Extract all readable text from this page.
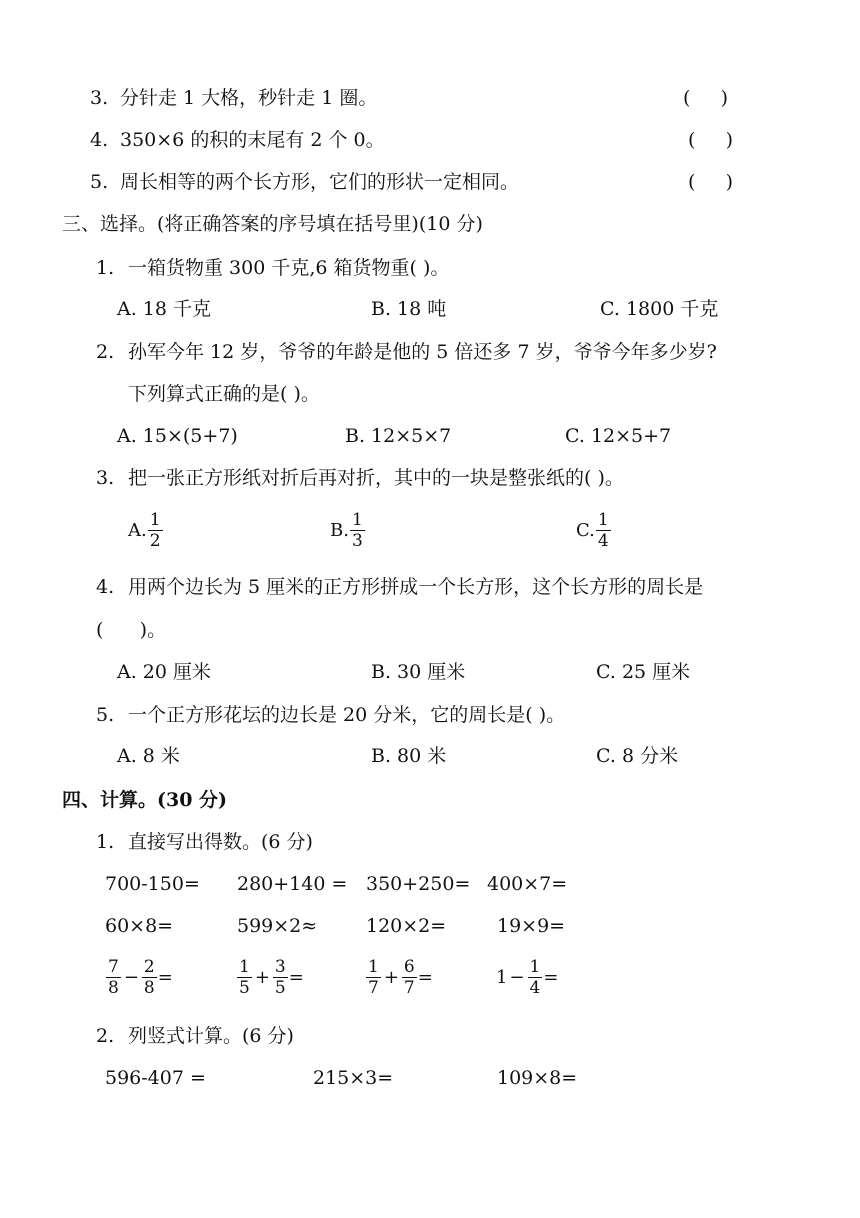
3. 分针走 1 大格，秒针走 1 圈。	(     )
4. 350×6 的积的末尾有 2 个 0。	(     )
5. 周长相等的两个长方形，它们的形状一定相同。	(     )
三、选择。(将正确答案的序号填在括号里)(10 分)
1. 一箱货物重 300 千克,6 箱货物重( )。
A. 18 千克	B. 18 吨	C. 1800 千克
2. 孙军今年 12 岁，爷爷的年龄是他的 5 倍还多 7 岁，爷爷今年多少岁?
下列算式正确的是( )。
A. 15×(5+7)	B. 12×5×7	C. 12×5+7
3. 把一张正方形纸对折后再对折，其中的一块是整张纸的( )。
A. $\frac{1}{2}$	B. $\frac{1}{3}$	C. $\frac{1}{4}$
4. 用两个边长为 5 厘米的正方形拼成一个长方形，这个长方形的周长是
(      )。
A. 20 厘米	B. 30 厘米	C. 25 厘米
5. 一个正方形花坛的边长是 20 分米，它的周长是( )。
A. 8 米	B. 80 米	C. 8 分米
四、计算。(30 分)
1. 直接写出得数。(6 分)
700-150= 280+140 = 350+250= 400×7=
60×8=	599×2≈	120×2=	19×9=
$\frac{7}{8} - \frac{2}{8}$ =	$\frac{1}{5} + \frac{3}{5}$ =	$\frac{1}{7} + \frac{6}{7}$ =	$1 - \frac{1}{4}$ =
2. 列竖式计算。(6 分)
596-407 =	215×3=	109×8=
